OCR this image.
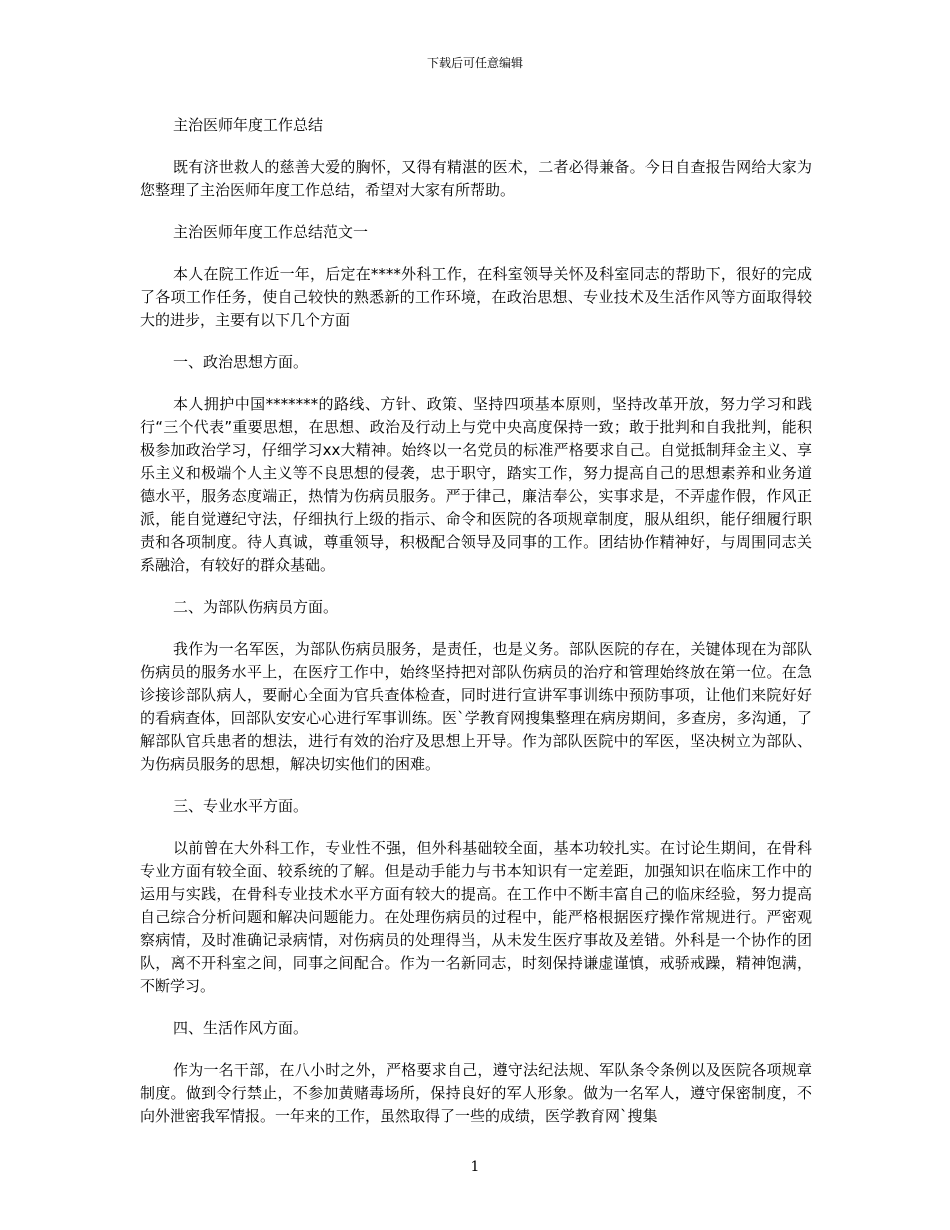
下载后可任意编辑

主治医师年度工作总结

既有济世救人的慈善大爱的胸怀，又得有精湛的医术，二者必得兼备。今日自查报告网给大家为您整理了主治医师年度工作总结，希望对大家有所帮助。

主治医师年度工作总结范文一

本人在院工作近一年，后定在****外科工作，在科室领导关怀及科室同志的帮助下，很好的完成了各项工作任务，使自己较快的熟悉新的工作环境，在政治思想、专业技术及生活作风等方面取得较大的进步，主要有以下几个方面

一、政治思想方面。

本人拥护中国*******的路线、方针、政策、坚持四项基本原则，坚持改革开放，努力学习和践行“三个代表”重要思想，在思想、政治及行动上与党中央高度保持一致；敢于批判和自我批判，能积极参加政治学习，仔细学习xx大精神。始终以一名党员的标准严格要求自己。自觉抵制拜金主义、享乐主义和极端个人主义等不良思想的侵袭，忠于职守，踏实工作，努力提高自己的思想素养和业务道德水平，服务态度端正，热情为伤病员服务。严于律己，廉洁奉公，实事求是，不弄虚作假，作风正派，能自觉遵纪守法，仔细执行上级的指示、命令和医院的各项规章制度，服从组织，能仔细履行职责和各项制度。待人真诚，尊重领导，积极配合领导及同事的工作。团结协作精神好，与周围同志关系融洽，有较好的群众基础。

二、为部队伤病员方面。

我作为一名军医，为部队伤病员服务，是责任，也是义务。部队医院的存在，关键体现在为部队伤病员的服务水平上，在医疗工作中，始终坚持把对部队伤病员的治疗和管理始终放在第一位。在急诊接诊部队病人，要耐心全面为官兵查体检查，同时进行宣讲军事训练中预防事项，让他们来院好好的看病查体，回部队安安心心进行军事训练。医`学教育网搜集整理在病房期间，多查房，多沟通，了解部队官兵患者的想法，进行有效的治疗及思想上开导。作为部队医院中的军医，坚决树立为部队、为伤病员服务的思想，解决切实他们的困难。

三、专业水平方面。

以前曾在大外科工作，专业性不强，但外科基础较全面，基本功较扎实。在讨论生期间，在骨科专业方面有较全面、较系统的了解。但是动手能力与书本知识有一定差距，加强知识在临床工作中的运用与实践，在骨科专业技术水平方面有较大的提高。在工作中不断丰富自己的临床经验，努力提高自己综合分析问题和解决问题能力。在处理伤病员的过程中，能严格根据医疗操作常规进行。严密观察病情，及时准确记录病情，对伤病员的处理得当，从未发生医疗事故及差错。外科是一个协作的团队，离不开科室之间，同事之间配合。作为一名新同志，时刻保持谦虚谨慎，戒骄戒躁，精神饱满，不断学习。

四、生活作风方面。

作为一名干部，在八小时之外，严格要求自己，遵守法纪法规、军队条令条例以及医院各项规章制度。做到令行禁止，不参加黄赌毒场所，保持良好的军人形象。做为一名军人，遵守保密制度，不向外泄密我军情报。一年来的工作，虽然取得了一些的成绩，医学教育网`搜集

1
